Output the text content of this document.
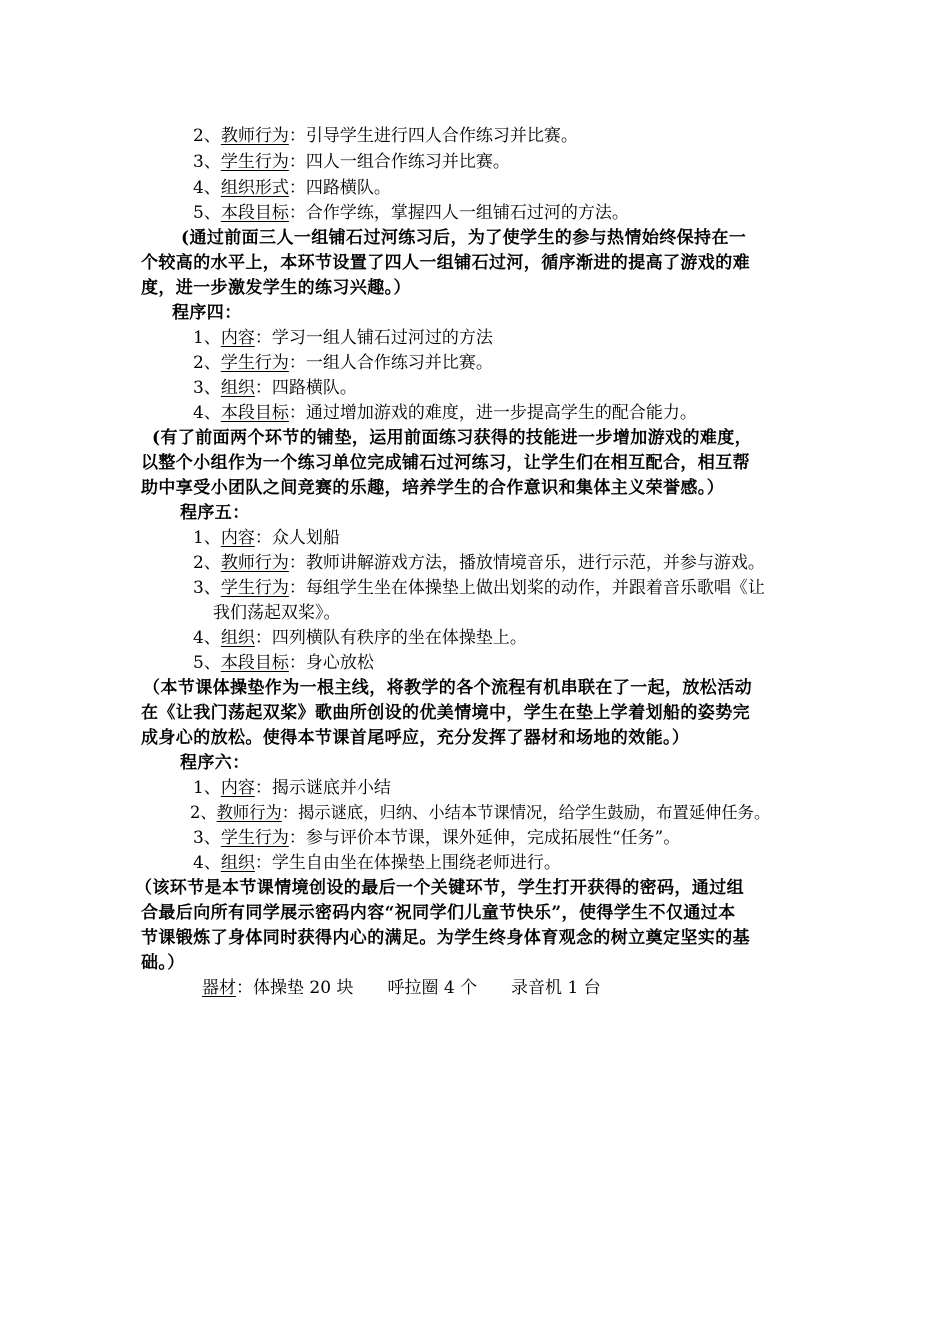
2、教师行为：引导学生进行四人合作练习并比赛。
3、学生行为：四人一组合作练习并比赛。
4、组织形式：四路横队。
5、本段目标：合作学练，掌握四人一组铺石过河的方法。
(通过前面三人一组铺石过河练习后，为了使学生的参与热情始终保持在一
个较高的水平上，本环节设置了四人一组铺石过河，循序渐进的提高了游戏的难
度，进一步激发学生的练习兴趣。）
程序四：
1、内容：学习一组人铺石过河过的方法
2、学生行为：一组人合作练习并比赛。
3、组织：四路横队。
4、本段目标：通过增加游戏的难度，进一步提高学生的配合能力。
(有了前面两个环节的铺垫，运用前面练习获得的技能进一步增加游戏的难度，
以整个小组作为一个练习单位完成铺石过河练习，让学生们在相互配合，相互帮
助中享受小团队之间竞赛的乐趣，培养学生的合作意识和集体主义荣誉感。）
程序五：
1、内容：众人划船
2、教师行为：教师讲解游戏方法，播放情境音乐，进行示范，并参与游戏。
3、学生行为：每组学生坐在体操垫上做出划桨的动作，并跟着音乐歌唱《让
我们荡起双桨》。
4、组织：四列横队有秩序的坐在体操垫上。
5、本段目标：身心放松
（本节课体操垫作为一根主线，将教学的各个流程有机串联在了一起，放松活动
在《让我门荡起双桨》歌曲所创设的优美情境中，学生在垫上学着划船的姿势完
成身心的放松。使得本节课首尾呼应，充分发挥了器材和场地的效能。）
程序六：
1、内容：揭示谜底并小结
2、教师行为：揭示谜底，归纳、小结本节课情况，给学生鼓励，布置延伸任务。
3、学生行为：参与评价本节课，课外延伸，完成拓展性“任务”。
4、组织：学生自由坐在体操垫上围绕老师进行。
（该环节是本节课情境创设的最后一个关键环节，学生打开获得的密码，通过组
合最后向所有同学展示密码内容“祝同学们儿童节快乐”，使得学生不仅通过本
节课锻炼了身体同时获得内心的满足。为学生终身体育观念的树立奠定坚实的基
础。）
器材：体操垫 20 块　　呼拉圈 4 个　　录音机 1 台
